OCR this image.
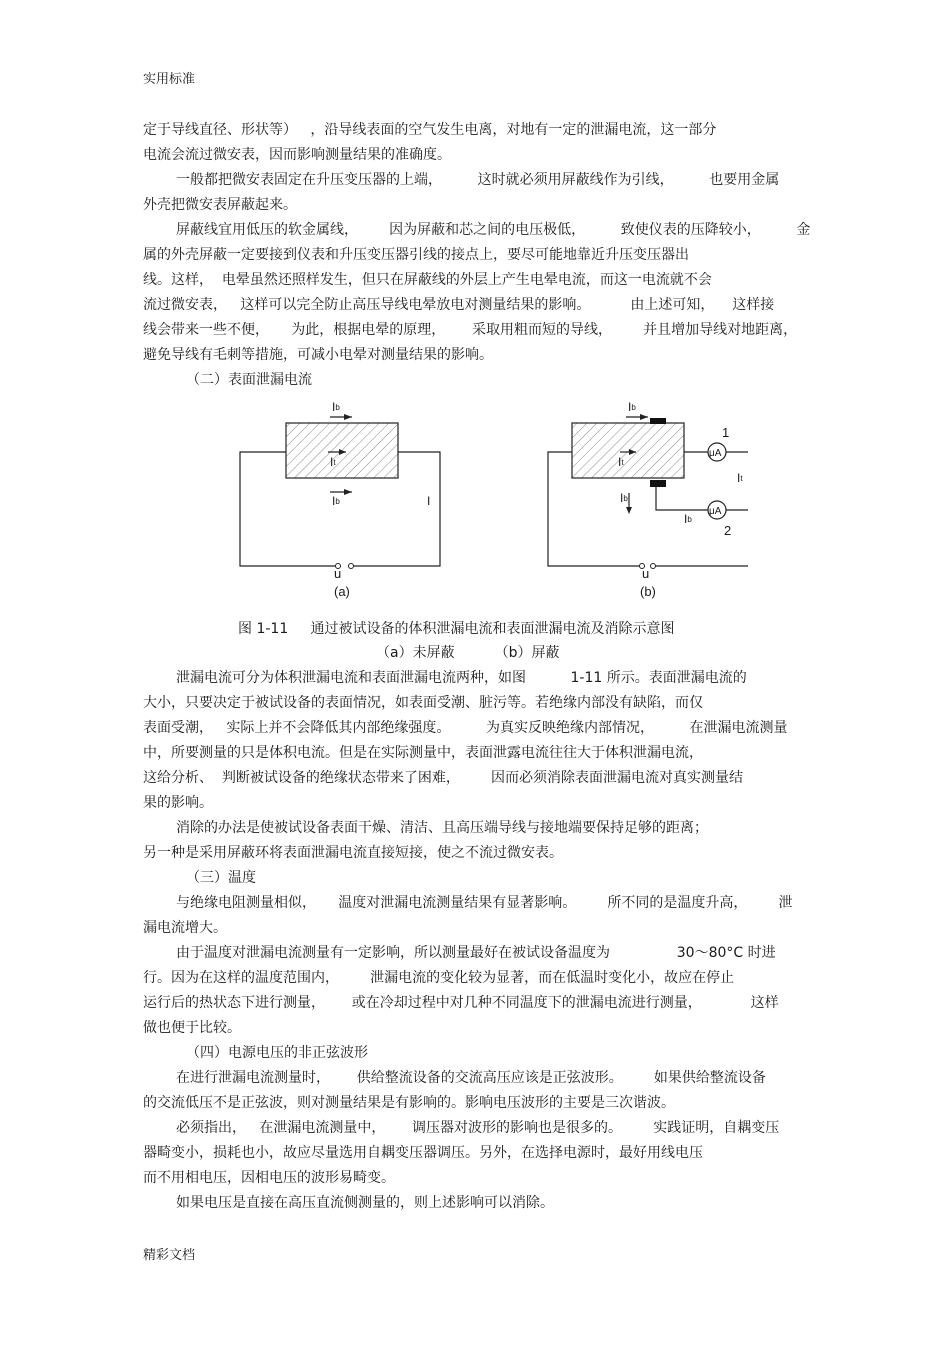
实用标准
定于导线直径、形状等）   ，沿导线表面的空气发生电离，对地有一定的泄漏电流，这一部分
电流会流过微安表，因而影响测量结果的准确度。
一般都把微安表固定在升压变压器的上端，        这时就必须用屏蔽线作为引线，        也要用金属
外壳把微安表屏蔽起来。
屏蔽线宜用低压的软金属线，       因为屏蔽和芯之间的电压极低，        致使仪表的压降较小，        金
属的外壳屏蔽一定要接到仪表和升压变压器引线的接点上，要尽可能地靠近升压变压器出
线。这样，  电晕虽然还照样发生，但只在屏蔽线的外层上产生电晕电流，而这一电流就不会
流过微安表，   这样可以完全防止高压导线电晕放电对测量结果的影响。         由上述可知，    这样接
线会带来一些不便，     为此，根据电晕的原理，      采取用粗而短的导线，       并且增加导线对地距离，
避免导线有毛刺等措施，可减小电晕对测量结果的影响。
（二）表面泄漏电流
Ib
It
Ib	I
u
(a)
μA
μA
1
2
Ib
It
Ib
It
Ib
u
(b)
图 1-11     通过被试设备的体积泄漏电流和表面泄漏电流及消除示意图
（a）未屏蔽         （b）屏蔽
泄漏电流可分为体积泄漏电流和表面泄漏电流两种，如图          1-11 所示。表面泄漏电流的
大小，只要决定于被试设备的表面情况，如表面受潮、脏污等。若绝缘内部没有缺陷，而仅
表面受潮，   实际上并不会降低其内部绝缘强度。        为真实反映绝缘内部情况，        在泄漏电流测量
中，所要测量的只是体积电流。但是在实际测量中，表面泄露电流往往大于体积泄漏电流，
这给分析、  判断被试设备的绝缘状态带来了困难，       因而必须消除表面泄漏电流对真实测量结
果的影响。
消除的办法是使被试设备表面干燥、清洁、且高压端导线与接地端要保持足够的距离；
另一种是采用屏蔽环将表面泄漏电流直接短接，使之不流过微安表。
（三）温度
与绝缘电阻测量相似，     温度对泄漏电流测量结果有显著影响。       所不同的是温度升高，       泄
漏电流增大。
由于温度对泄漏电流测量有一定影响，所以测量最好在被试设备温度为               30～80°C 时进
行。因为在这样的温度范围内，       泄漏电流的变化较为显著，而在低温时变化小，故应在停止
运行后的热状态下进行测量，      或在冷却过程中对几种不同温度下的泄漏电流进行测量，           这样
做也便于比较。
（四）电源电压的非正弦波形
在进行泄漏电流测量时，      供给整流设备的交流高压应该是正弦波形。       如果供给整流设备
的交流低压不是正弦波，则对测量结果是有影响的。影响电压波形的主要是三次谐波。
必须指出，   在泄漏电流测量中，      调压器对波形的影响也是很多的。       实践证明，自耦变压
器畸变小，损耗也小，故应尽量选用自耦变压器调压。另外，在选择电源时，最好用线电压
而不用相电压，因相电压的波形易畸变。
如果电压是直接在高压直流侧测量的，则上述影响可以消除。
精彩文档
